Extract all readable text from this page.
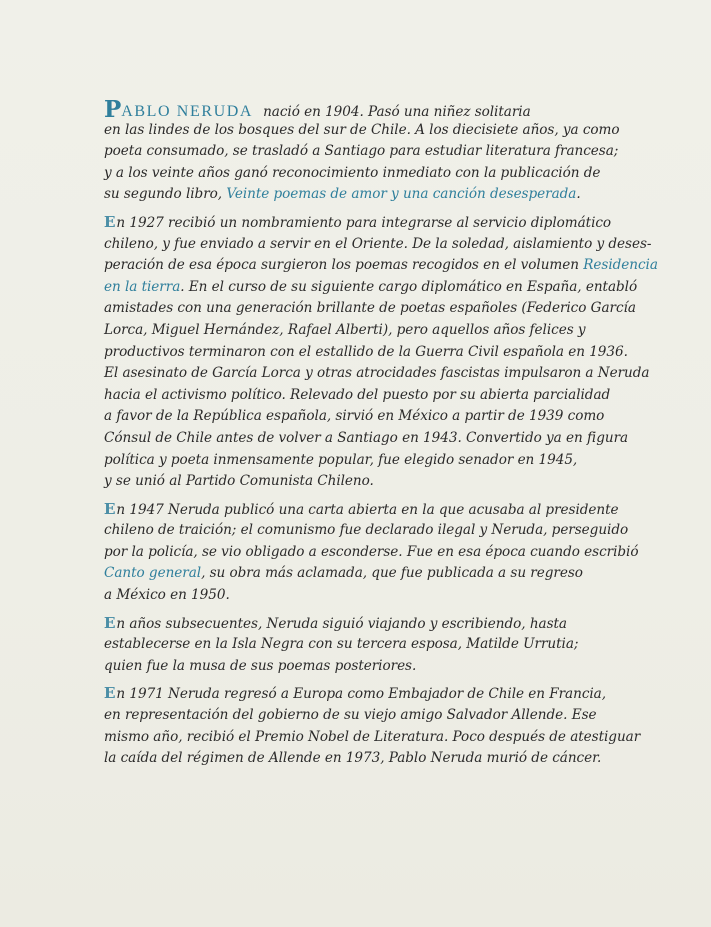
PABLO NERUDA nació en 1904. Pasó una niñez solitaria
en las lindes de los bosques del sur de Chile. A los diecisiete años, ya como
poeta consumado, se trasladó a Santiago para estudiar literatura francesa;
y a los veinte años ganó reconocimiento inmediato con la publicación de
su segundo libro, Veinte poemas de amor y una canción desesperada.
En 1927 recibió un nombramiento para integrarse al servicio diplomático
chileno, y fue enviado a servir en el Oriente. De la soledad, aislamiento y deses-
peración de esa época surgieron los poemas recogidos en el volumen Residencia
en la tierra. En el curso de su siguiente cargo diplomático en España, entabló
amistades con una generación brillante de poetas españoles (Federico García
Lorca, Miguel Hernández, Rafael Alberti), pero aquellos años felices y
productivos terminaron con el estallido de la Guerra Civil española en 1936.
El asesinato de García Lorca y otras atrocidades fascistas impulsaron a Neruda
hacia el activismo político. Relevado del puesto por su abierta parcialidad
a favor de la República española, sirvió en México a partir de 1939 como
Cónsul de Chile antes de volver a Santiago en 1943. Convertido ya en figura
política y poeta inmensamente popular, fue elegido senador en 1945,
y se unió al Partido Comunista Chileno.
En 1947 Neruda publicó una carta abierta en la que acusaba al presidente
chileno de traición; el comunismo fue declarado ilegal y Neruda, perseguido
por la policía, se vio obligado a esconderse. Fue en esa época cuando escribió
Canto general, su obra más aclamada, que fue publicada a su regreso
a México en 1950.
En años subsecuentes, Neruda siguió viajando y escribiendo, hasta
establecerse en la Isla Negra con su tercera esposa, Matilde Urrutia;
quien fue la musa de sus poemas posteriores.
En 1971 Neruda regresó a Europa como Embajador de Chile en Francia,
en representación del gobierno de su viejo amigo Salvador Allende. Ese
mismo año, recibió el Premio Nobel de Literatura. Poco después de atestiguar
la caída del régimen de Allende en 1973, Pablo Neruda murió de cáncer.
